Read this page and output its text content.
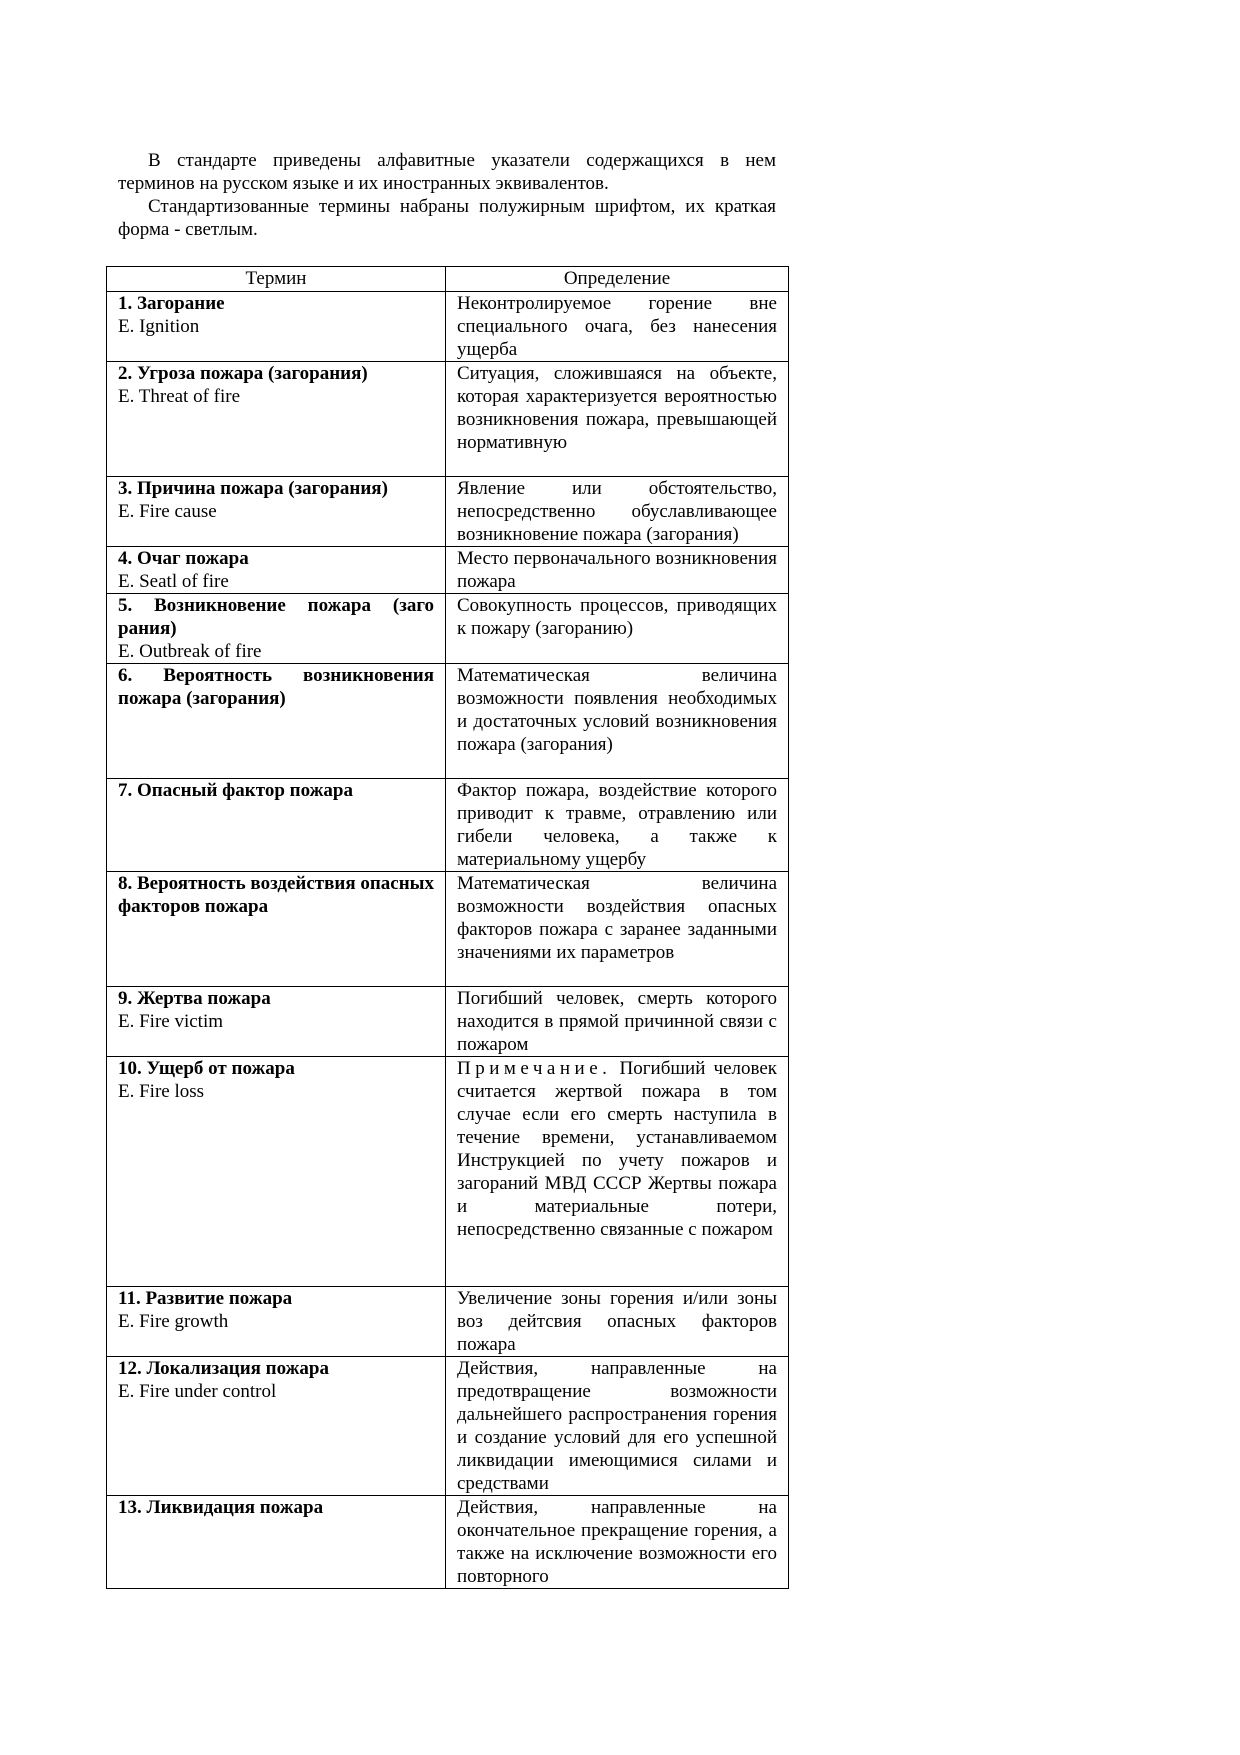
В стандарте приведены алфавитные указатели содержащихся в нем терминов на русском языке и их иностранных эквивалентов.

Стандартизованные термины набраны полужирным шрифтом, их краткая форма - светлым.

Термин	Определение

1. Загорание
E. Ignition	Неконтролируемое горение вне специального очага, без нанесения ущерба

2. Угроза пожара (загорания)
E. Threat of fire	Ситуация, сложившаяся на объекте, которая характеризуется вероятностью возникновения пожара, превышающей нормативную

3. Причина пожара (загорания)
E. Fire cause	Явление или обстоятельство, непосредственно обуславливающее возникновение пожара (загорания)

4. Очаг пожара
E. Seatl of fire	Место первоначального возникновения пожара

5. Возникновение пожара (заго рания)
E. Outbreak of fire	Совокупность процессов, приводящих к пожару (загоранию)

6. Вероятность возникновения пожара (загорания)	Математическая величина возможности появления необходимых и достаточных условий возникновения пожара (загорания)

7. Опасный фактор пожара	Фактор пожара, воздействие которого приводит к травме, отравлению или гибели человека, а также к материальному ущербу

8. Вероятность воздействия опасных факторов пожара	Математическая величина возможности воздействия опасных факторов пожара с заранее заданными значениями их параметров

9. Жертва пожара
E. Fire victim	Погибший человек, смерть которого находится в прямой причинной связи с пожаром

10. Ущерб от пожара
E. Fire loss	Примечание. Погибший человек считается жертвой пожара в том случае если его смерть наступила в течение времени, устанавливаемом Инструкцией по учету пожаров и загораний МВД СССР Жертвы пожара и материальные потери, непосредственно связанные с пожаром

11. Развитие пожара
E. Fire growth	Увеличение зоны горения и/или зоны воз дейтсвия опасных факторов пожара

12. Локализация пожара
E. Fire under control	Действия, направленные на предотвращение возможности дальнейшего распространения горения и создание условий для его успешной ликвидации имеющимися силами и средствами

13. Ликвидация пожара	Действия, направленные на окончательное прекращение горения, а также на исключение возможности его повторного
